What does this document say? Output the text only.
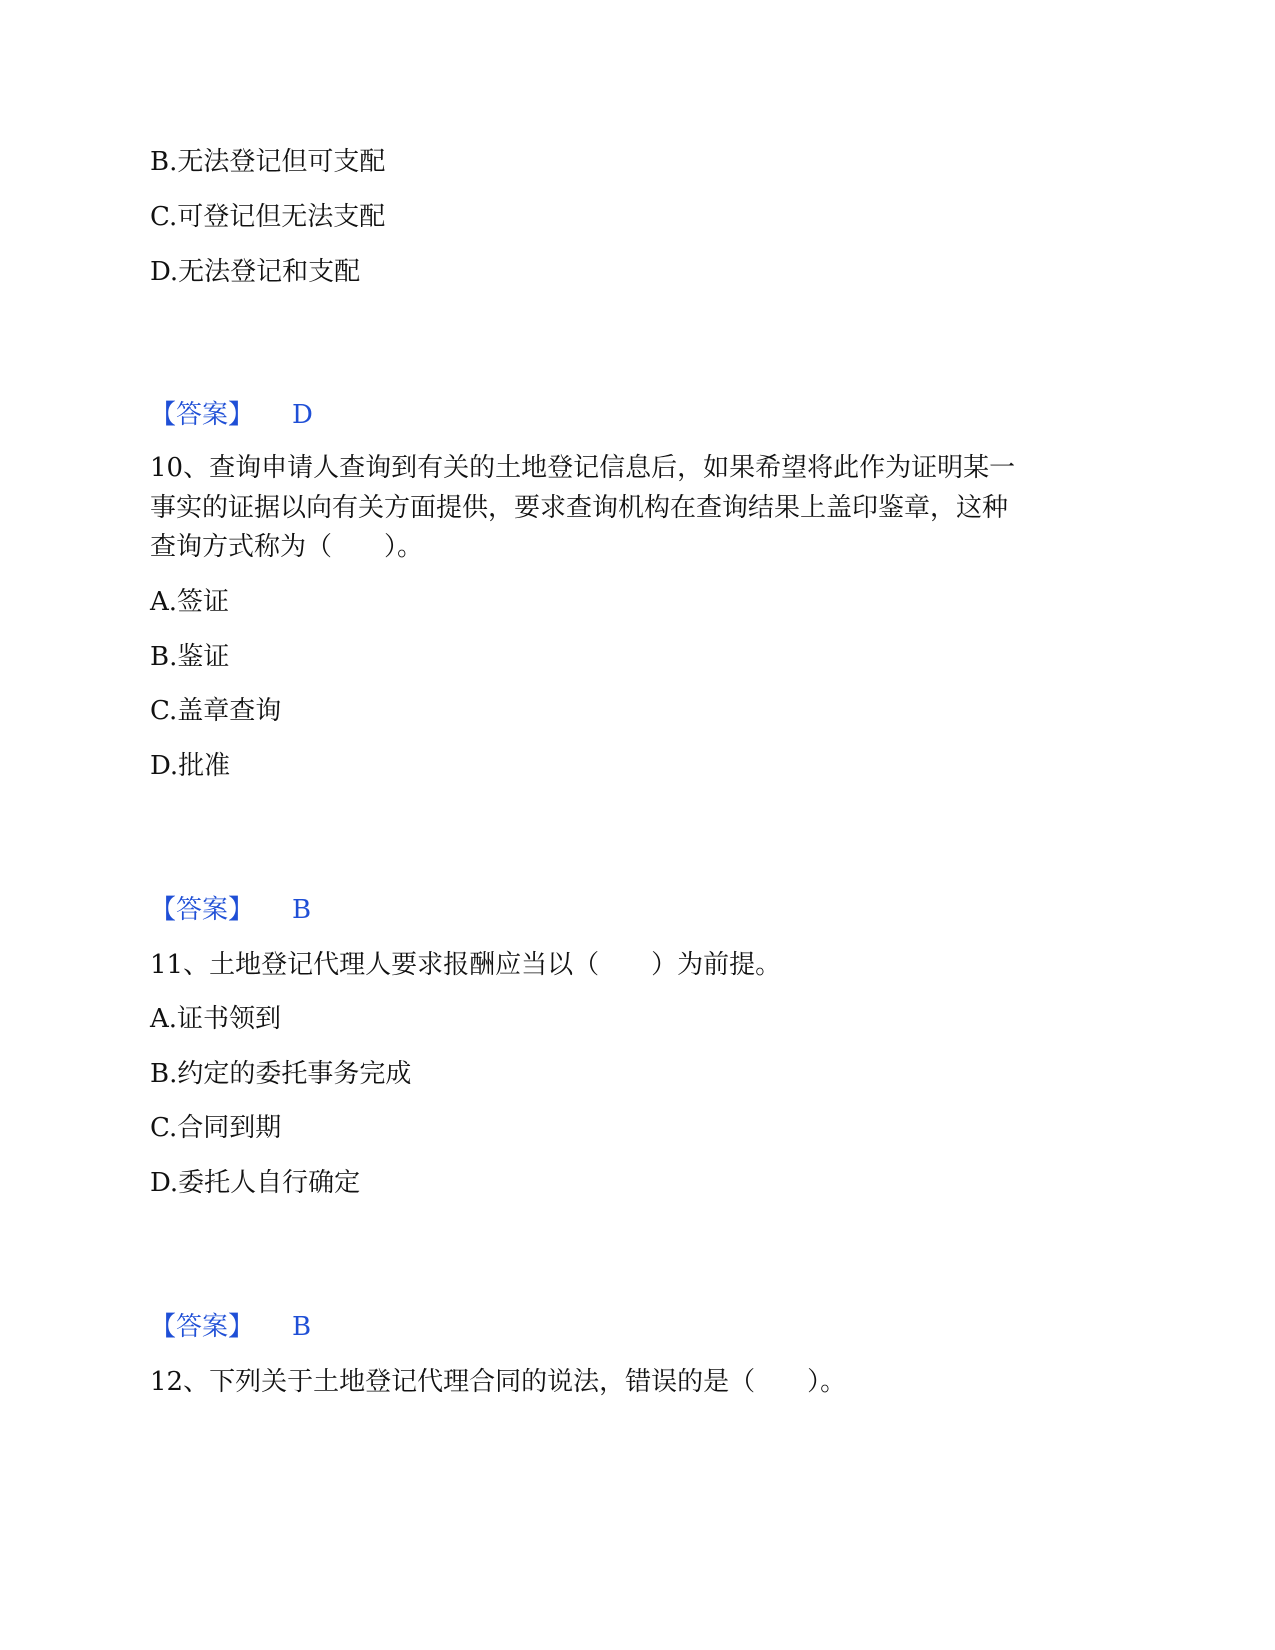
B.无法登记但可支配
C.可登记但无法支配
D.无法登记和支配
【答案】 D
10、查询申请人查询到有关的土地登记信息后，如果希望将此作为证明某一
事实的证据以向有关方面提供，要求查询机构在查询结果上盖印鉴章，这种
查询方式称为（　　）。
A.签证
B.鉴证
C.盖章查询
D.批准
【答案】 B
11、土地登记代理人要求报酬应当以（　　）为前提。
A.证书领到
B.约定的委托事务完成
C.合同到期
D.委托人自行确定
【答案】 B
12、下列关于土地登记代理合同的说法，错误的是（　　）。
